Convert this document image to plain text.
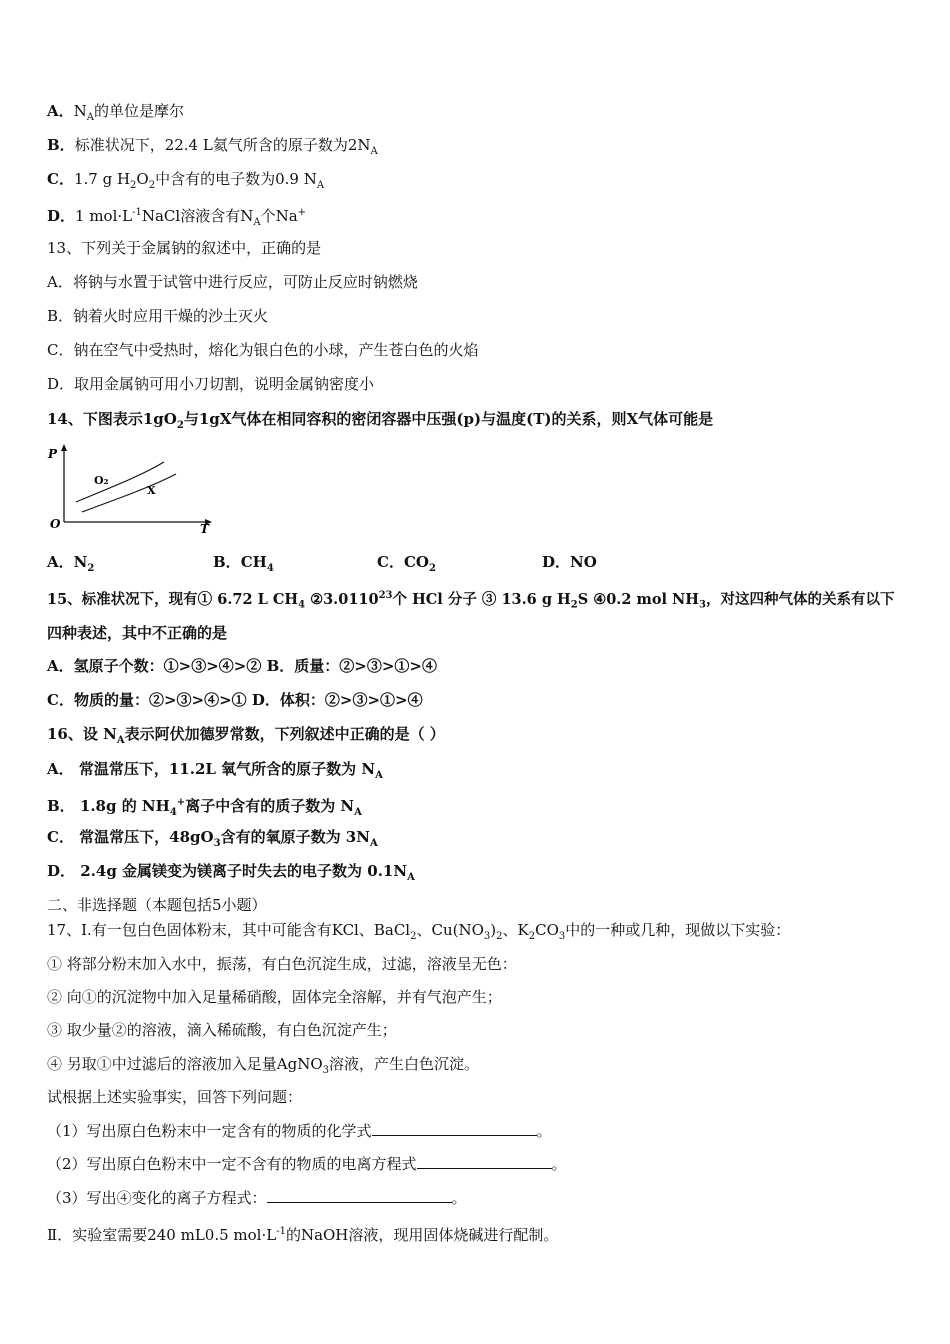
A．$N_A$的单位是摩尔
B．标准状况下，22.4 L氦气所含的原子数为$2N_A$
C．1.7 g $H_2O_2$中含有的电子数为0.9 $N_A$
D．1 $mol\cdot L^{-1}NaCl$溶液含有$N_A$个Na+
13、下列关于金属钠的叙述中，正确的是
A．将钠与水置于试管中进行反应，可防止反应时钠燃烧
B．钠着火时应用干燥的沙土灭火
C．钠在空气中受热时，熔化为银白色的小球，产生苍白色的火焰
D．取用金属钠可用小刀切割，说明金属钠密度小
14、下图表示$1gO_2$与1gX气体在相同容积的密闭容器中压强(p)与温度(T)的关系，则X气体可能是
P
T
O
O₂
X
A．$N_2$	B．$CH_4$	C．$CO_2$	D．NO
15、标准状况下，现有① 6.72 L $CH_4$ ②3.0110$^{23}$个 HCl 分子 ③ 13.6 g $H_2S$ ④0.2 mol $NH_3$，对这四种气体的关系有以下
四种表述，其中不正确的是
A．氢原子个数：①>③>④>② B．质量：②>③>①>④
C．物质的量：②>③>④>① D．体积：②>③>①>④
16、设 $N_A$表示阿伏加德罗常数，下列叙述中正确的是（ ）
A． 常温常压下，11.2L 氧气所含的原子数为 $N_A$
B． 1.8g 的 $NH_4^+$离子中含有的质子数为 $N_A$
C． 常温常压下，$48gO_3$含有的氧原子数为 $3N_A$
D． 2.4g 金属镁变为镁离子时失去的电子数为 $0.1N_A$
二、非选择题（本题包括5小题）
17、Ⅰ.有一包白色固体粉末，其中可能含有KCl、BaCl$_2$、$Cu(NO_3)_2$、$K_2CO_3$中的一种或几种，现做以下实验：
① 将部分粉末加入水中，振荡，有白色沉淀生成，过滤，溶液呈无色：
② 向①的沉淀物中加入足量稀硝酸，固体完全溶解，并有气泡产生；
③ 取少量②的溶液，滴入稀硫酸，有白色沉淀产生；
④ 另取①中过滤后的溶液加入足量AgNO$_3$溶液，产生白色沉淀。
试根据上述实验事实，回答下列问题：
（1）写出原白色粉末中一定含有的物质的化学式	。
（2）写出原白色粉末中一定不含有的物质的电离方程式	。
（3）写出④变化的离子方程式：	。
Ⅱ．实验室需要240 mL0.5 $mol\cdot L^{-1}$的NaOH溶液，现用固体烧碱进行配制。
